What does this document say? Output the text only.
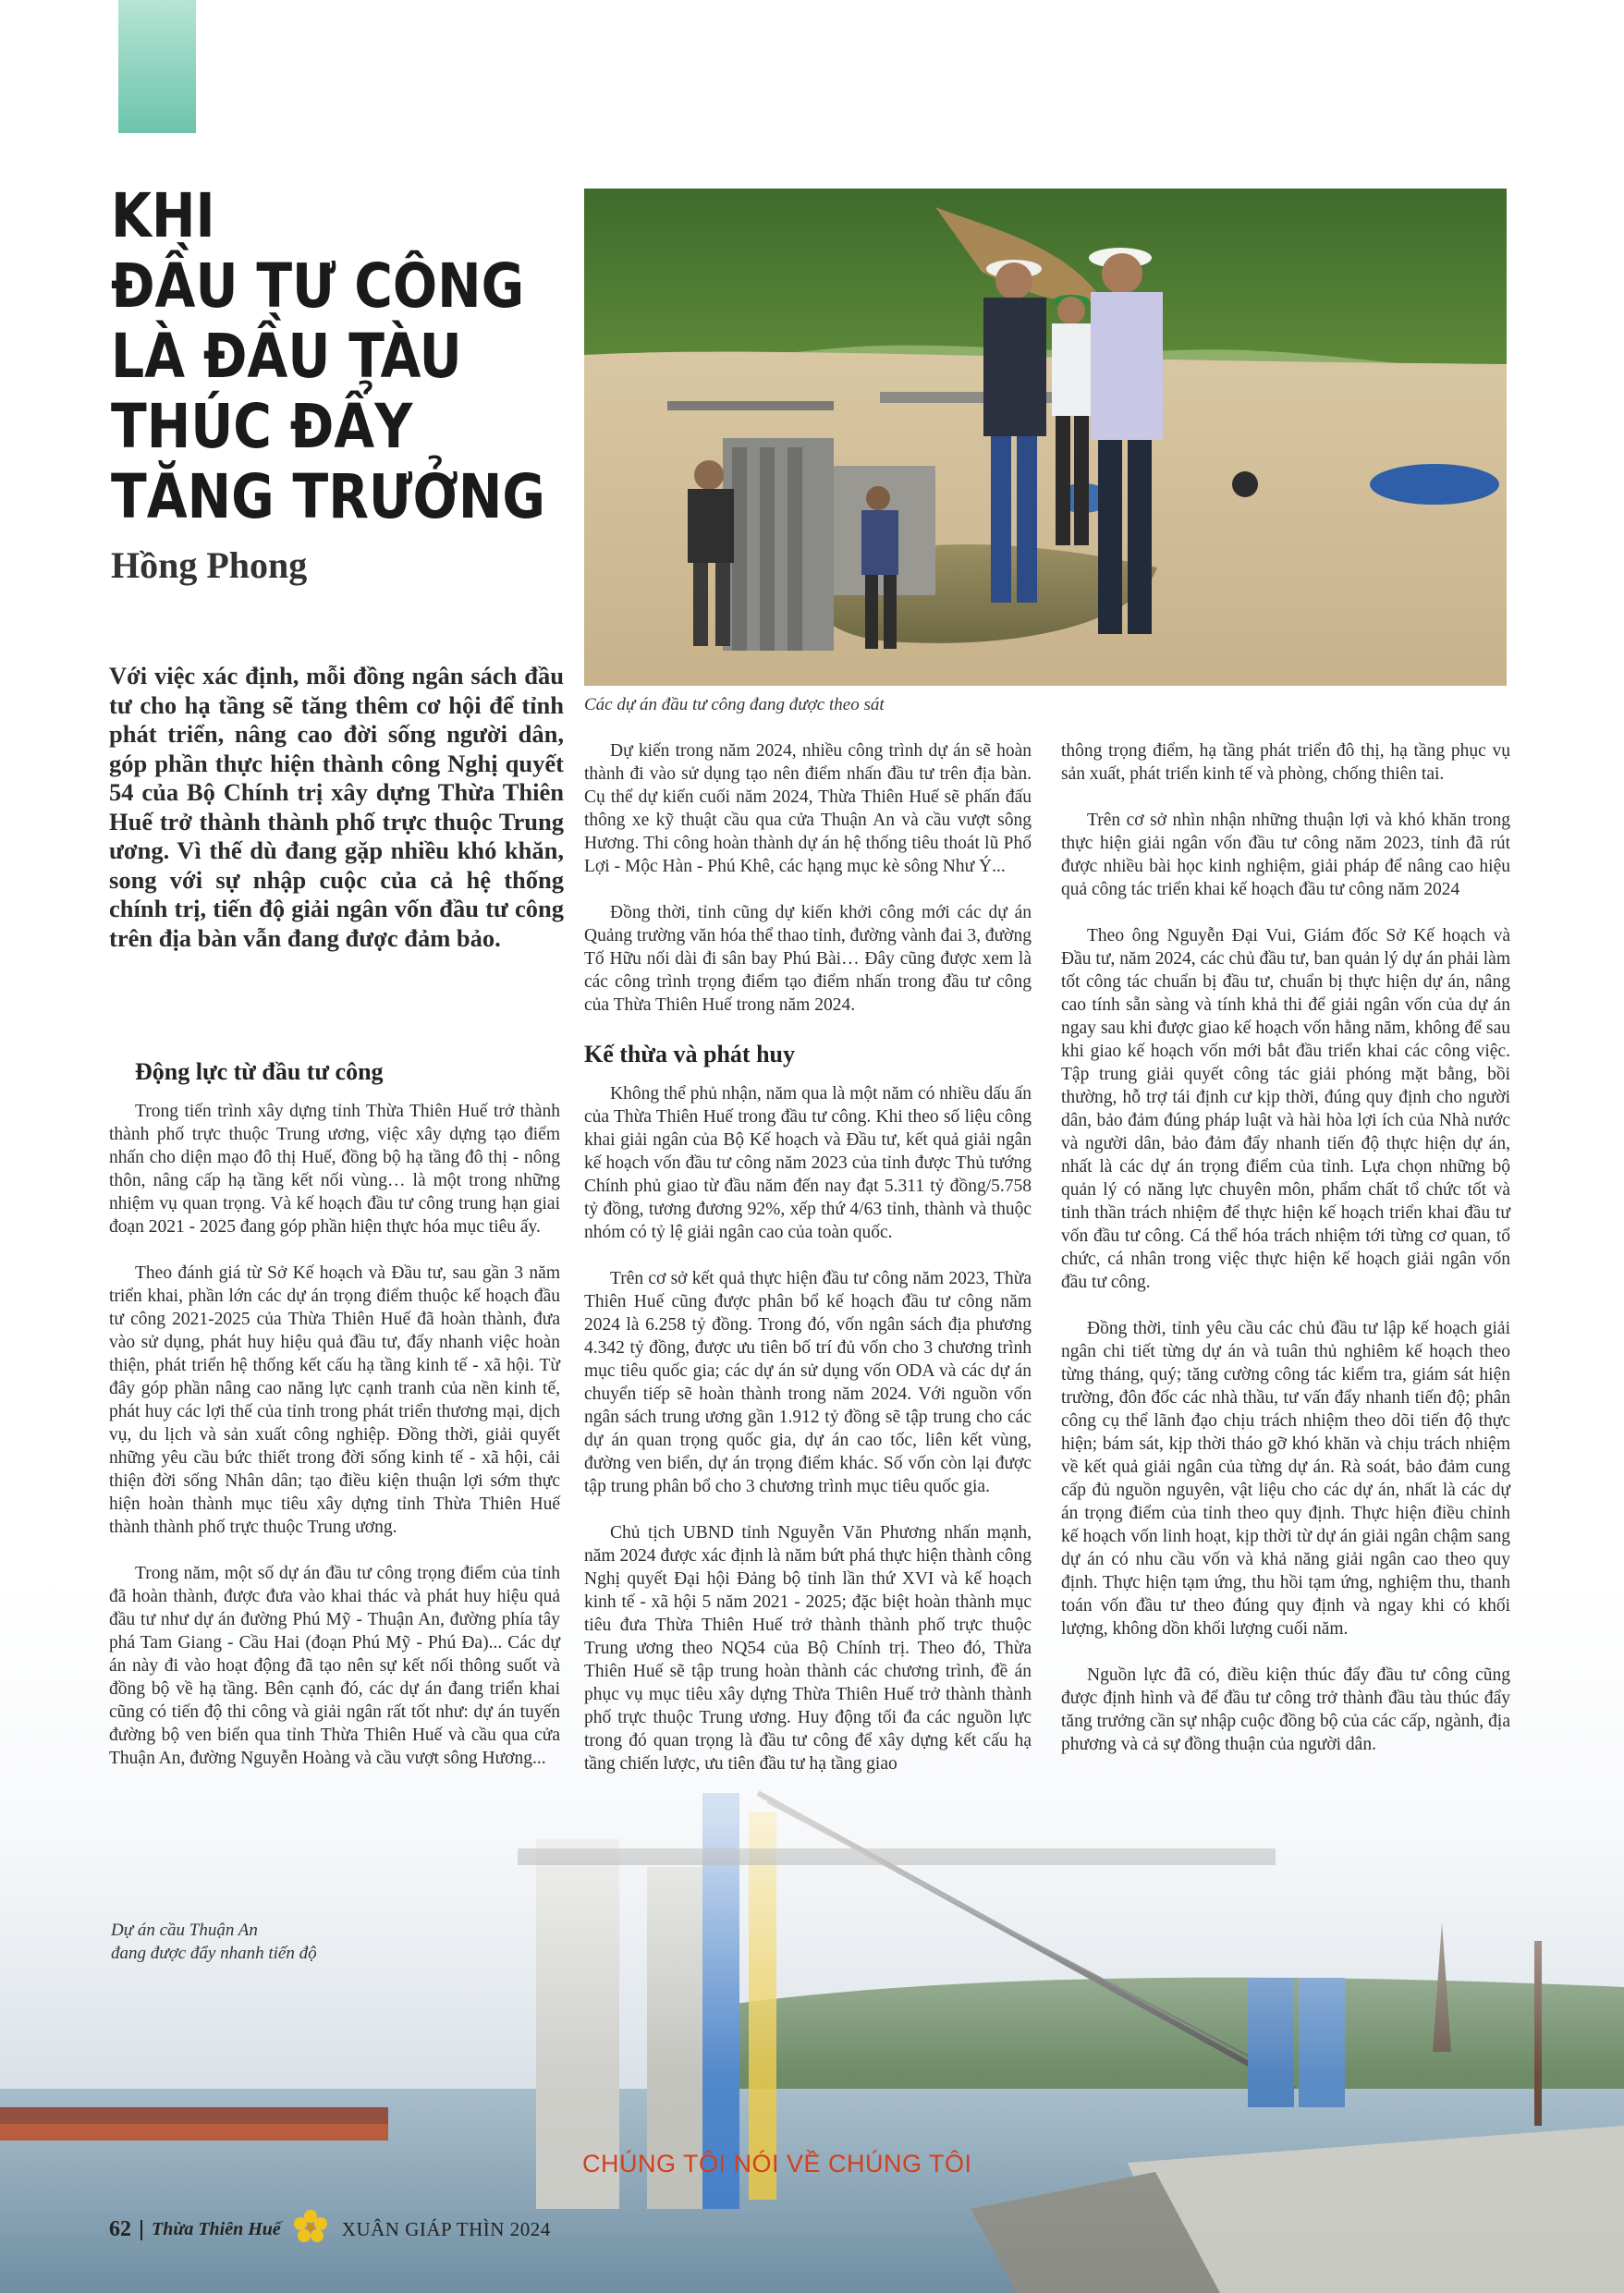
KHI
ĐẦU TƯ CÔNG
LÀ ĐẦU TÀU
THÚC ĐẨY
TĂNG TRƯỞNG
Hồng Phong
Với việc xác định, mỗi đồng ngân sách đầu tư cho hạ tầng sẽ tăng thêm cơ hội để tỉnh phát triển, nâng cao đời sống người dân, góp phần thực hiện thành công Nghị quyết 54 của Bộ Chính trị xây dựng Thừa Thiên Huế trở thành thành phố trực thuộc Trung ương. Vì thế dù đang gặp nhiều khó khăn, song với sự nhập cuộc của cả hệ thống chính trị, tiến độ giải ngân vốn đầu tư công trên địa bàn vẫn đang được đảm bảo.
Các dự án đầu tư công đang được theo sát
Động lực từ đầu tư công

Trong tiến trình xây dựng tỉnh Thừa Thiên Huế trở thành thành phố trực thuộc Trung ương, việc xây dựng tạo điểm nhấn cho diện mạo đô thị Huế, đồng bộ hạ tầng đô thị - nông thôn, nâng cấp hạ tầng kết nối vùng… là một trong những nhiệm vụ quan trọng. Và kế hoạch đầu tư công trung hạn giai đoạn 2021 - 2025 đang góp phần hiện thực hóa mục tiêu ấy.

Theo đánh giá từ Sở Kế hoạch và Đầu tư, sau gần 3 năm triển khai, phần lớn các dự án trọng điểm thuộc kế hoạch đầu tư công 2021-2025 của Thừa Thiên Huế đã hoàn thành, đưa vào sử dụng, phát huy hiệu quả đầu tư, đẩy nhanh việc hoàn thiện, phát triển hệ thống kết cấu hạ tầng kinh tế - xã hội. Từ đây góp phần nâng cao năng lực cạnh tranh của nền kinh tế, phát huy các lợi thế của tỉnh trong phát triển thương mại, dịch vụ, du lịch và sản xuất công nghiệp. Đồng thời, giải quyết những yêu cầu bức thiết trong đời sống kinh tế - xã hội, cải thiện đời sống Nhân dân; tạo điều kiện thuận lợi sớm thực hiện hoàn thành mục tiêu xây dựng tỉnh Thừa Thiên Huế thành thành phố trực thuộc Trung ương.

Trong năm, một số dự án đầu tư công trọng điểm của tỉnh đã hoàn thành, được đưa vào khai thác và phát huy hiệu quả đầu tư như dự án đường Phú Mỹ - Thuận An, đường phía tây phá Tam Giang - Cầu Hai (đoạn Phú Mỹ - Phú Đa)... Các dự án này đi vào hoạt động đã tạo nên sự kết nối thông suốt và đồng bộ về hạ tầng. Bên cạnh đó, các dự án đang triển khai cũng có tiến độ thi công và giải ngân rất tốt như: dự án tuyến đường bộ ven biển qua tỉnh Thừa Thiên Huế và cầu qua cửa Thuận An, đường Nguyễn Hoàng và cầu vượt sông Hương...

Dự kiến trong năm 2024, nhiều công trình dự án sẽ hoàn thành đi vào sử dụng tạo nên điểm nhấn đầu tư trên địa bàn. Cụ thể dự kiến cuối năm 2024, Thừa Thiên Huế sẽ phấn đấu thông xe kỹ thuật cầu qua cửa Thuận An và cầu vượt sông Hương. Thi công hoàn thành dự án hệ thống tiêu thoát lũ Phổ Lợi - Mộc Hàn - Phú Khê, các hạng mục kè sông Như Ý...

Đồng thời, tỉnh cũng dự kiến khởi công mới các dự án Quảng trường văn hóa thể thao tỉnh, đường vành đai 3, đường Tố Hữu nối dài đi sân bay Phú Bài… Đây cũng được xem là các công trình trọng điểm tạo điểm nhấn trong đầu tư công của Thừa Thiên Huế trong năm 2024.

Kế thừa và phát huy

Không thể phủ nhận, năm qua là một năm có nhiều dấu ấn của Thừa Thiên Huế trong đầu tư công. Khi theo số liệu công khai giải ngân của Bộ Kế hoạch và Đầu tư, kết quả giải ngân kế hoạch vốn đầu tư công năm 2023 của tỉnh được Thủ tướng Chính phủ giao từ đầu năm đến nay đạt 5.311 tỷ đồng/5.758 tỷ đồng, tương đương 92%, xếp thứ 4/63 tỉnh, thành và thuộc nhóm có tỷ lệ giải ngân cao của toàn quốc.

Trên cơ sở kết quả thực hiện đầu tư công năm 2023, Thừa Thiên Huế cũng được phân bổ kế hoạch đầu tư công năm 2024 là 6.258 tỷ đồng. Trong đó, vốn ngân sách địa phương 4.342 tỷ đồng, được ưu tiên bố trí đủ vốn cho 3 chương trình mục tiêu quốc gia; các dự án sử dụng vốn ODA và các dự án chuyển tiếp sẽ hoàn thành trong năm 2024. Với nguồn vốn ngân sách trung ương gần 1.912 tỷ đồng sẽ tập trung cho các dự án quan trọng quốc gia, dự án cao tốc, liên kết vùng, đường ven biển, dự án trọng điểm khác. Số vốn còn lại được tập trung phân bổ cho 3 chương trình mục tiêu quốc gia.

Chủ tịch UBND tỉnh Nguyễn Văn Phương nhấn mạnh, năm 2024 được xác định là năm bứt phá thực hiện thành công Nghị quyết Đại hội Đảng bộ tỉnh lần thứ XVI và kế hoạch kinh tế - xã hội 5 năm 2021 - 2025; đặc biệt hoàn thành mục tiêu đưa Thừa Thiên Huế trở thành thành phố trực thuộc Trung ương theo NQ54 của Bộ Chính trị. Theo đó, Thừa Thiên Huế sẽ tập trung hoàn thành các chương trình, đề án phục vụ mục tiêu xây dựng Thừa Thiên Huế trở thành thành phố trực thuộc Trung ương. Huy động tối đa các nguồn lực trong đó quan trọng là đầu tư công để xây dựng kết cấu hạ tầng chiến lược, ưu tiên đầu tư hạ tầng giao

thông trọng điểm, hạ tầng phát triển đô thị, hạ tầng phục vụ sản xuất, phát triển kinh tế và phòng, chống thiên tai.

Trên cơ sở nhìn nhận những thuận lợi và khó khăn trong thực hiện giải ngân vốn đầu tư công năm 2023, tỉnh đã rút được nhiều bài học kinh nghiệm, giải pháp để nâng cao hiệu quả công tác triển khai kế hoạch đầu tư công năm 2024

Theo ông Nguyễn Đại Vui, Giám đốc Sở Kế hoạch và Đầu tư, năm 2024, các chủ đầu tư, ban quản lý dự án phải làm tốt công tác chuẩn bị đầu tư, chuẩn bị thực hiện dự án, nâng cao tính sẵn sàng và tính khả thi để giải ngân vốn của dự án ngay sau khi được giao kế hoạch vốn hằng năm, không để sau khi giao kế hoạch vốn mới bắt đầu triển khai các công việc. Tập trung giải quyết công tác giải phóng mặt bằng, bồi thường, hỗ trợ tái định cư kịp thời, đúng quy định cho người dân, bảo đảm đúng pháp luật và hài hòa lợi ích của Nhà nước và người dân, bảo đảm đẩy nhanh tiến độ thực hiện dự án, nhất là các dự án trọng điểm của tỉnh. Lựa chọn những bộ quản lý có năng lực chuyên môn, phẩm chất tổ chức tốt và tinh thần trách nhiệm để thực hiện kế hoạch triển khai đầu tư vốn đầu tư công. Cá thể hóa trách nhiệm tới từng cơ quan, tổ chức, cá nhân trong việc thực hiện kế hoạch giải ngân vốn đầu tư công.

Đồng thời, tỉnh yêu cầu các chủ đầu tư lập kế hoạch giải ngân chi tiết từng dự án và tuân thủ nghiêm kế hoạch theo từng tháng, quý; tăng cường công tác kiểm tra, giám sát hiện trường, đôn đốc các nhà thầu, tư vấn đẩy nhanh tiến độ; phân công cụ thể lãnh đạo chịu trách nhiệm theo dõi tiến độ thực hiện; bám sát, kịp thời tháo gỡ khó khăn và chịu trách nhiệm về kết quả giải ngân của từng dự án. Rà soát, bảo đảm cung cấp đủ nguồn nguyên, vật liệu cho các dự án, nhất là các dự án trọng điểm của tỉnh theo quy định. Thực hiện điều chỉnh kế hoạch vốn linh hoạt, kịp thời từ dự án giải ngân chậm sang dự án có nhu cầu vốn và khả năng giải ngân cao theo quy định. Thực hiện tạm ứng, thu hồi tạm ứng, nghiệm thu, thanh toán vốn đầu tư theo đúng quy định và ngay khi có khối lượng, không dồn khối lượng cuối năm.

Nguồn lực đã có, điều kiện thúc đẩy đầu tư công cũng được định hình và để đầu tư công trở thành đầu tàu thúc đẩy tăng trưởng cần sự nhập cuộc đồng bộ của các cấp, ngành, địa phương và cả sự đồng thuận của người dân.

Dự án cầu Thuận An
đang được đẩy nhanh tiến độ
CHÚNG TÔI NÓI VỀ CHÚNG TÔI
62 Thừa Thiên Huế	XUÂN GIÁP THÌN 2024
